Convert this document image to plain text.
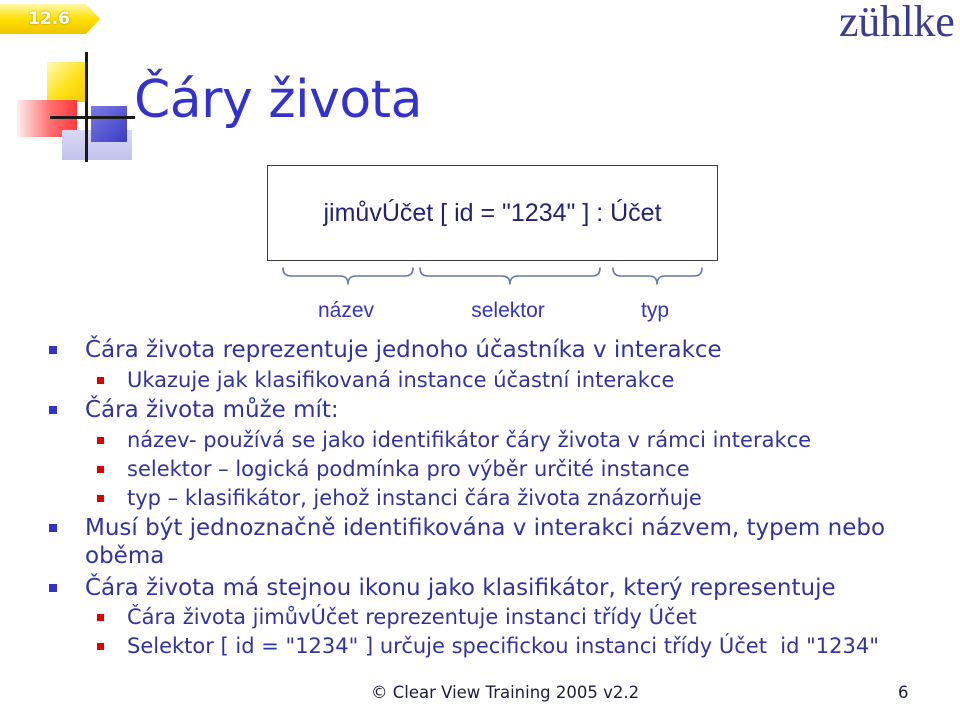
12.6	zühlke
Čáry života
jimůvÚčet [ id = "1234" ] : Účet
název	selektor	typ
Čára života reprezentuje jednoho účastníka v interakce
Ukazuje jak klasifikovaná instance účastní interakce
Čára života může mít:
název- používá se jako identifikátor čáry života v rámci interakce
selektor – logická podmínka pro výběr určité instance
typ – klasifikátor, jehož instanci čára života znázorňuje
Musí být jednoznačně identifikována v interakci názvem, typem nebo oběma
Čára života má stejnou ikonu jako klasifikátor, který representuje
Čára života jimůvÚčet reprezentuje instanci třídy Účet
Selektor [ id = "1234" ] určuje specifickou instanci třídy Účet  id "1234"
© Clear View Training 2005 v2.2	6
